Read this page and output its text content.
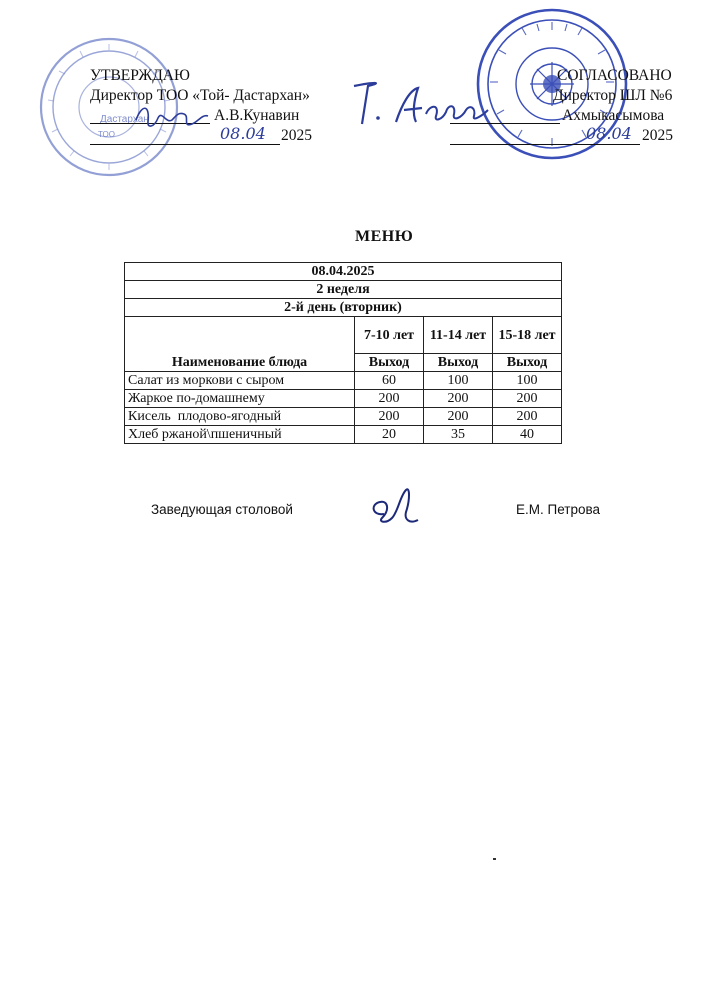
Дастархан
ТОО
УТВЕРЖДАЮ
Директор ТОО «Той- Дастархан»
А.В.Кунавин
08.04 2025
СОГЛАСОВАНО
Директор ШЛ №6
Ахмыкасымова
08.04 2025
МЕНЮ
08.04.2025			
2 неделя			
2-й день (вторник)			
Наименование блюда	7-10 лет	11-14 лет	15-18 лет
	Выход	Выход	Выход
Салат из моркови с сыром	60	100	100
Жаркое по-домашнему	200	200	200
Кисель  плодово-ягодный	200	200	200
Хлеб ржаной\пшеничный	20	35	40
Заведующая столовой	Е.М. Петрова
